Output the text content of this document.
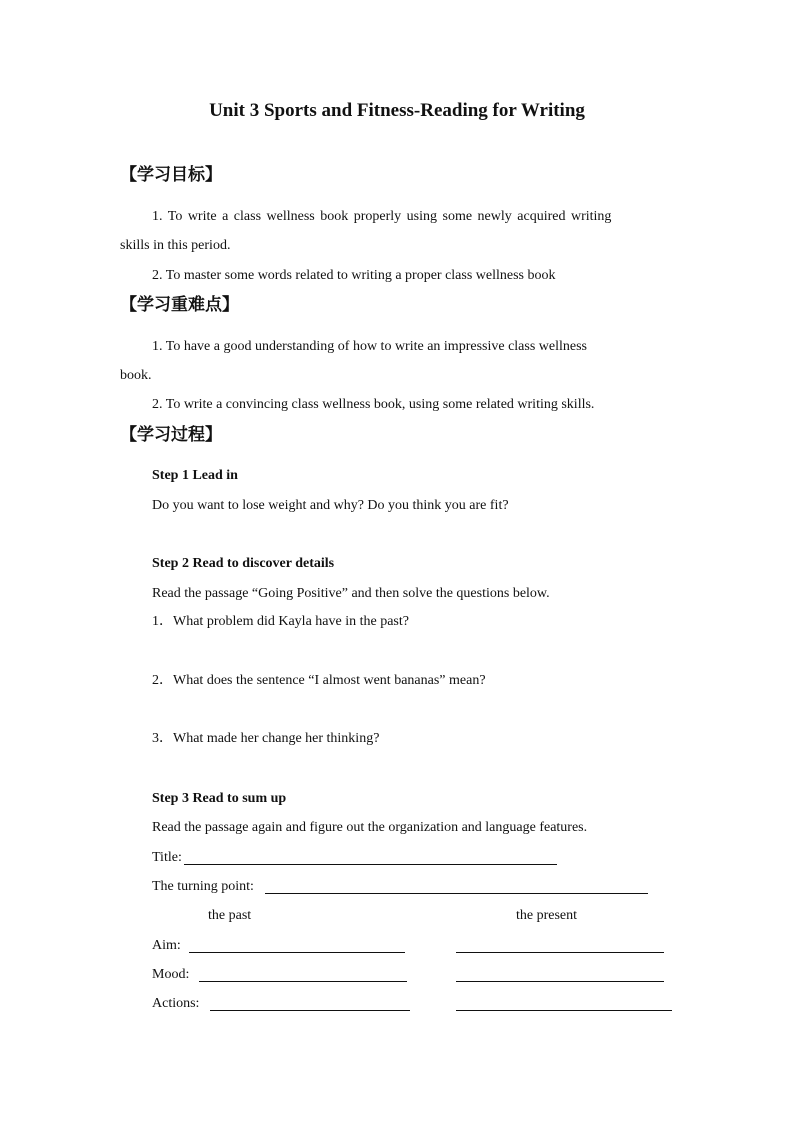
Unit 3 Sports and Fitness-Reading for Writing
【学习目标】
1. To write a class wellness book properly using some newly acquired writing
skills in this period.
2. To master some words related to writing a proper class wellness book
【学习重难点】
1. To have a good understanding of how to write an impressive class wellness
book.
2. To write a convincing class wellness book, using some related writing skills.
【学习过程】
Step 1 Lead in
Do you want to lose weight and why? Do you think you are fit?
Step 2 Read to discover details
Read the passage “Going Positive” and then solve the questions below.
1．What problem did Kayla have in the past?
2．What does the sentence “I almost went bananas” mean?
3．What made her change her thinking?
Step 3 Read to sum up
Read the passage again and figure out the organization and language features.
Title:
The turning point:
the past	the present
Aim:
Mood:
Actions:
